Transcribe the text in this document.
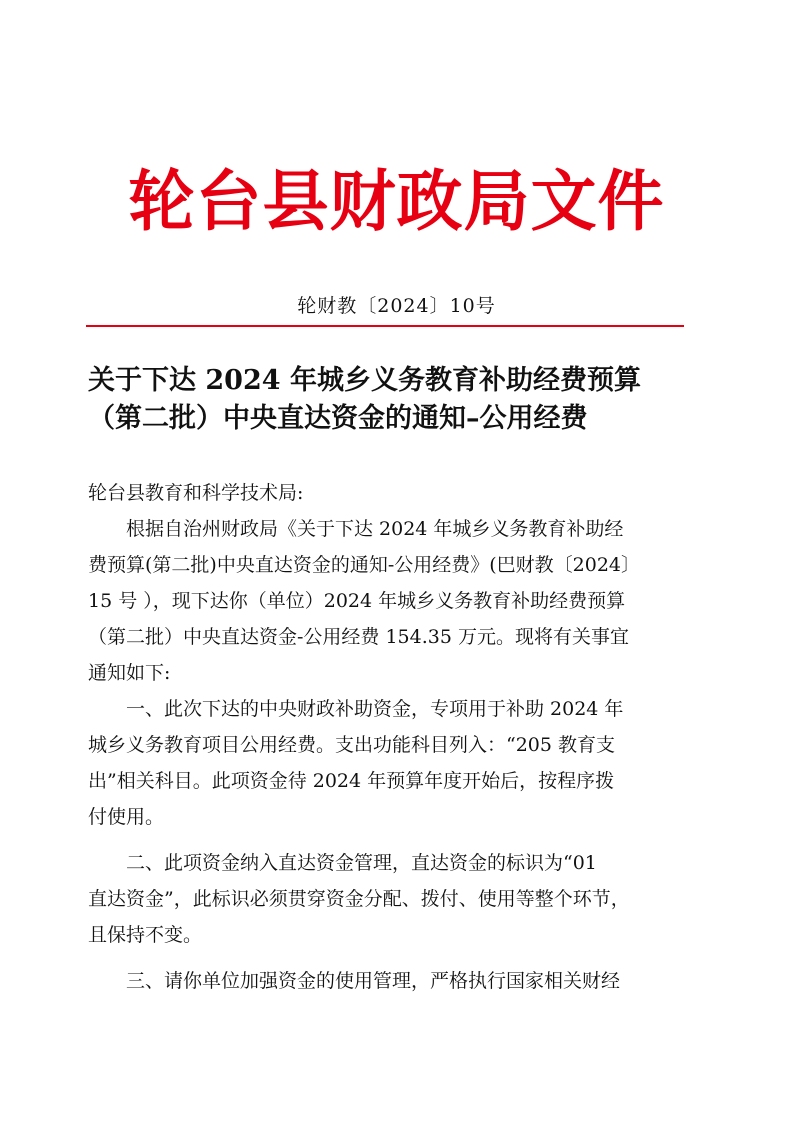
轮台县财政局文件
轮财教〔2024〕10号
关于下达 2024 年城乡义务教育补助经费预算
（第二批）中央直达资金的通知–公用经费
轮台县教育和科学技术局:
根据自治州财政局《关于下达 2024 年城乡义务教育补助经
费预算(第二批)中央直达资金的通知-公用经费》(巴财教〔2024〕
15 号 ），现下达你（单位）2024 年城乡义务教育补助经费预算
（第二批）中央直达资金-公用经费 154.35 万元。现将有关事宜
通知如下:
一、此次下达的中央财政补助资金，专项用于补助 2024 年
城乡义务教育项目公用经费。支出功能科目列入：“205 教育支
出”相关科目。此项资金待 2024 年预算年度开始后，按程序拨
付使用。
二、此项资金纳入直达资金管理，直达资金的标识为“01
直达资金”，此标识必须贯穿资金分配、拨付、使用等整个环节，
且保持不变。
三、请你单位加强资金的使用管理，严格执行国家相关财经
